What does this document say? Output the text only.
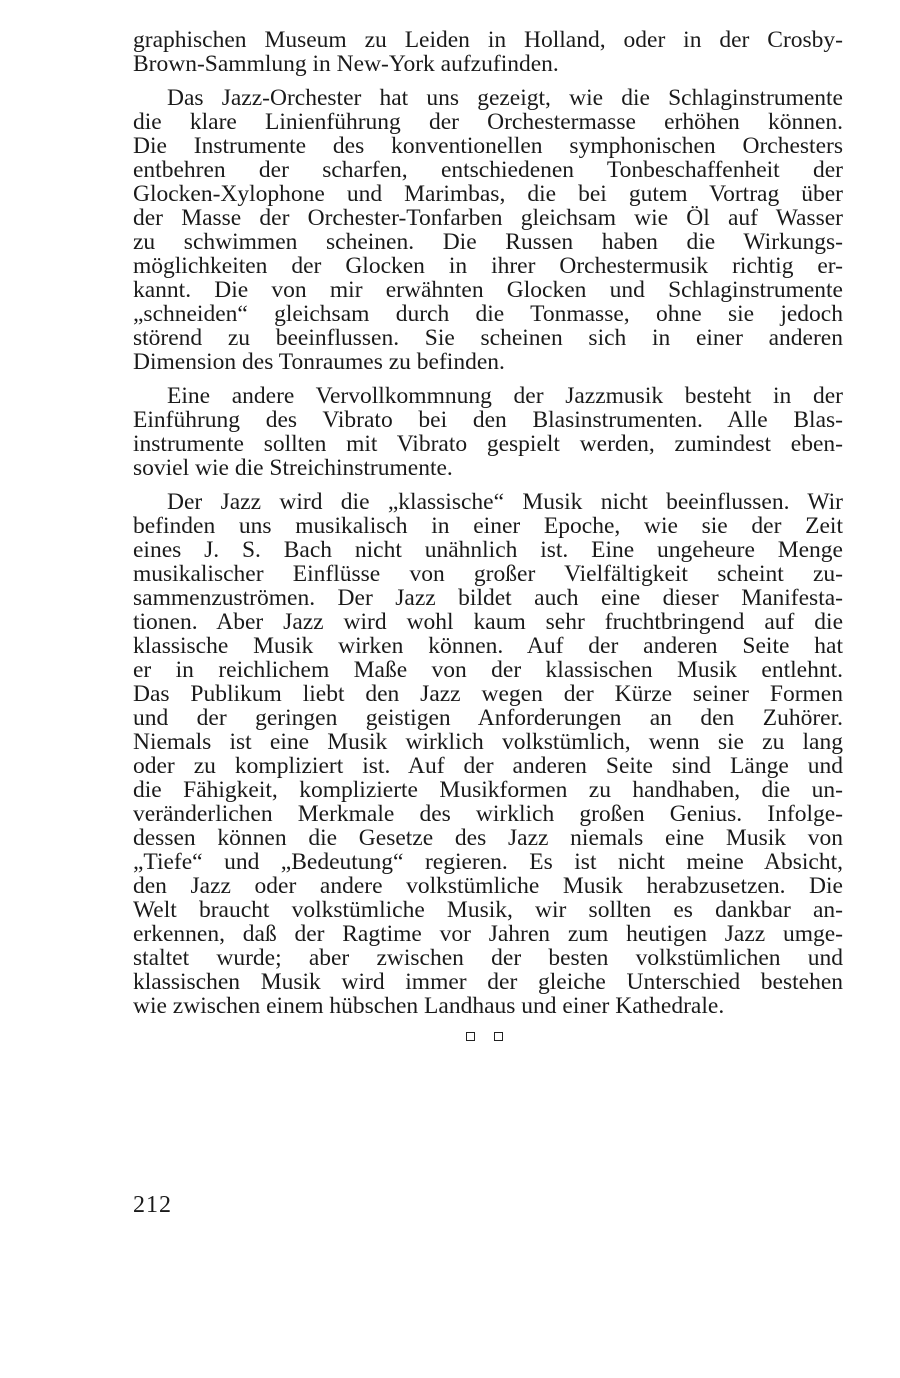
graphischen Museum zu Leiden in Holland, oder in der Crosby-
Brown-Sammlung in New-York aufzufinden.
Das Jazz-Orchester hat uns gezeigt, wie die Schlaginstrumente
die klare Linienführung der Orchestermasse erhöhen können.
Die Instrumente des konventionellen symphonischen Orchesters
entbehren der scharfen, entschiedenen Tonbeschaffenheit der
Glocken-Xylophone und Marimbas, die bei gutem Vortrag über
der Masse der Orchester-Tonfarben gleichsam wie Öl auf Wasser
zu schwimmen scheinen. Die Russen haben die Wirkungs-
möglichkeiten der Glocken in ihrer Orchestermusik richtig er-
kannt. Die von mir erwähnten Glocken und Schlaginstrumente
„schneiden“ gleichsam durch die Tonmasse, ohne sie jedoch
störend zu beeinflussen. Sie scheinen sich in einer anderen
Dimension des Tonraumes zu befinden.
Eine andere Vervollkommnung der Jazzmusik besteht in der
Einführung des Vibrato bei den Blasinstrumenten. Alle Blas-
instrumente sollten mit Vibrato gespielt werden, zumindest eben-
soviel wie die Streichinstrumente.
Der Jazz wird die „klassische“ Musik nicht beeinflussen. Wir
befinden uns musikalisch in einer Epoche, wie sie der Zeit
eines J. S. Bach nicht unähnlich ist. Eine ungeheure Menge
musikalischer Einflüsse von großer Vielfältigkeit scheint zu-
sammenzuströmen. Der Jazz bildet auch eine dieser Manifesta-
tionen. Aber Jazz wird wohl kaum sehr fruchtbringend auf die
klassische Musik wirken können. Auf der anderen Seite hat
er in reichlichem Maße von der klassischen Musik entlehnt.
Das Publikum liebt den Jazz wegen der Kürze seiner Formen
und der geringen geistigen Anforderungen an den Zuhörer.
Niemals ist eine Musik wirklich volkstümlich, wenn sie zu lang
oder zu kompliziert ist. Auf der anderen Seite sind Länge und
die Fähigkeit, komplizierte Musikformen zu handhaben, die un-
veränderlichen Merkmale des wirklich großen Genius. Infolge-
dessen können die Gesetze des Jazz niemals eine Musik von
„Tiefe“ und „Bedeutung“ regieren. Es ist nicht meine Absicht,
den Jazz oder andere volkstümliche Musik herabzusetzen. Die
Welt braucht volkstümliche Musik, wir sollten es dankbar an-
erkennen, daß der Ragtime vor Jahren zum heutigen Jazz umge-
staltet wurde; aber zwischen der besten volkstümlichen und
klassischen Musik wird immer der gleiche Unterschied bestehen
wie zwischen einem hübschen Landhaus und einer Kathedrale.
212
